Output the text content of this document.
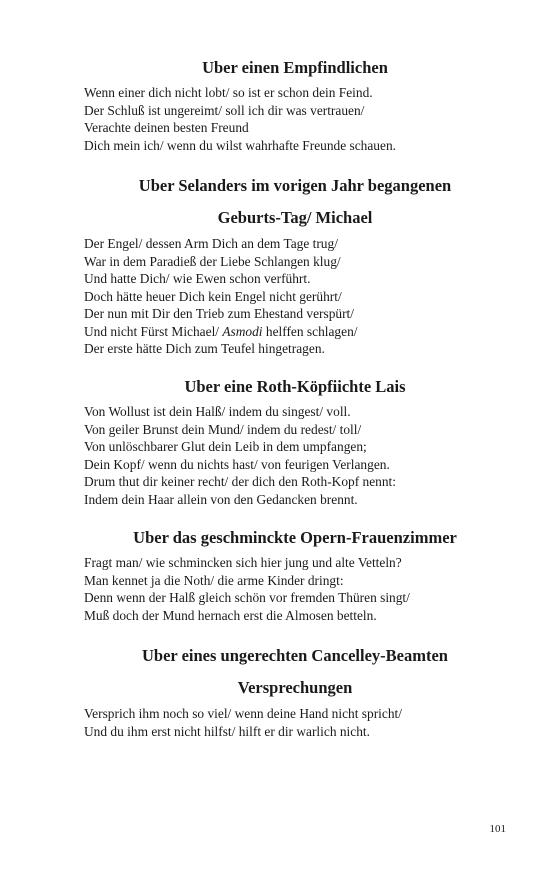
Uber einen Empfindlichen
Wenn einer dich nicht lobt/ so ist er schon dein Feind.
Der Schluß ist ungereimt/ soll ich dir was vertrauen/
Verachte deinen besten Freund
Dich mein ich/ wenn du wilst wahrhafte Freunde schauen.
Uber Selanders im vorigen Jahr begangenen
Geburts-Tag/ Michael
Der Engel/ dessen Arm Dich an dem Tage trug/
War in dem Paradieß der Liebe Schlangen klug/
Und hatte Dich/ wie Ewen schon verführt.
Doch hätte heuer Dich kein Engel nicht gerührt/
Der nun mit Dir den Trieb zum Ehestand verspürt/
Und nicht Fürst Michael/ Asmodi helffen schlagen/
Der erste hätte Dich zum Teufel hingetragen.
Uber eine Roth-Köpfiichte Lais
Von Wollust ist dein Halß/ indem du singest/ voll.
Von geiler Brunst dein Mund/ indem du redest/ toll/
Von unlöschbarer Glut dein Leib in dem umpfangen;
Dein Kopf/ wenn du nichts hast/ von feurigen Verlangen.
Drum thut dir keiner recht/ der dich den Roth-Kopf nennt:
Indem dein Haar allein von den Gedancken brennt.
Uber das geschminckte Opern-Frauenzimmer
Fragt man/ wie schmincken sich hier jung und alte Vetteln?
Man kennet ja die Noth/ die arme Kinder dringt:
Denn wenn der Halß gleich schön vor fremden Thüren singt/
Muß doch der Mund hernach erst die Almosen betteln.
Uber eines ungerechten Cancelley-Beamten
Versprechungen
Versprich ihm noch so viel/ wenn deine Hand nicht spricht/
Und du ihm erst nicht hilfst/ hilft er dir warlich nicht.
101
